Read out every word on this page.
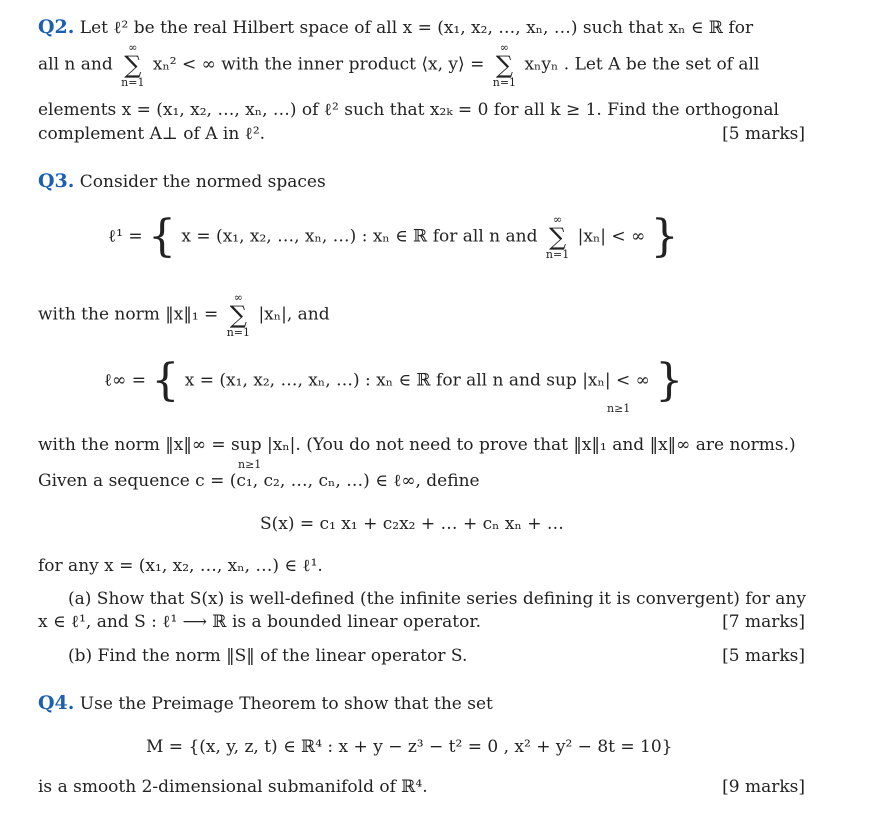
Q2. Let ℓ² be the real Hilbert space of all x = (x₁, x₂, …, xₙ, …) such that xₙ ∈ ℝ for
all n and
∞
∑
n=1
xₙ² < ∞ with the inner product ⟨x, y⟩ =
∞
∑
n=1
xₙyₙ . Let A be the set of all
elements x = (x₁, x₂, …, xₙ, …) of ℓ² such that x₂ₖ = 0 for all k ≥ 1. Find the orthogonal
complement A⊥ of A in ℓ².	[5 marks]
Q3. Consider the normed spaces
ℓ¹ = { x = (x₁, x₂, …, xₙ, …) : xₙ ∈ ℝ for all n and
∞
∑
n=1
|xₙ| < ∞ }
with the norm ‖x‖₁ =
∞
∑
n=1
|xₙ|, and
ℓ∞ = { x = (x₁, x₂, …, xₙ, …) : xₙ ∈ ℝ for all n and sup |xₙ| < ∞ }
n≥1
with the norm ‖x‖∞ = sup |xₙ|. (You do not need to prove that ‖x‖₁ and ‖x‖∞ are norms.)
n≥1
Given a sequence c = (c₁, c₂, …, cₙ, …) ∈ ℓ∞, define
S(x) = c₁ x₁ + c₂x₂ + … + cₙ xₙ + …
for any x = (x₁, x₂, …, xₙ, …) ∈ ℓ¹.
(a) Show that S(x) is well-defined (the infinite series defining it is convergent) for any
x ∈ ℓ¹, and S : ℓ¹ ⟶ ℝ is a bounded linear operator.	[7 marks]
(b) Find the norm ‖S‖ of the linear operator S.	[5 marks]
Q4. Use the Preimage Theorem to show that the set
M = {(x, y, z, t) ∈ ℝ⁴ : x + y − z³ − t² = 0 , x² + y² − 8t = 10}
is a smooth 2-dimensional submanifold of ℝ⁴.	[9 marks]
